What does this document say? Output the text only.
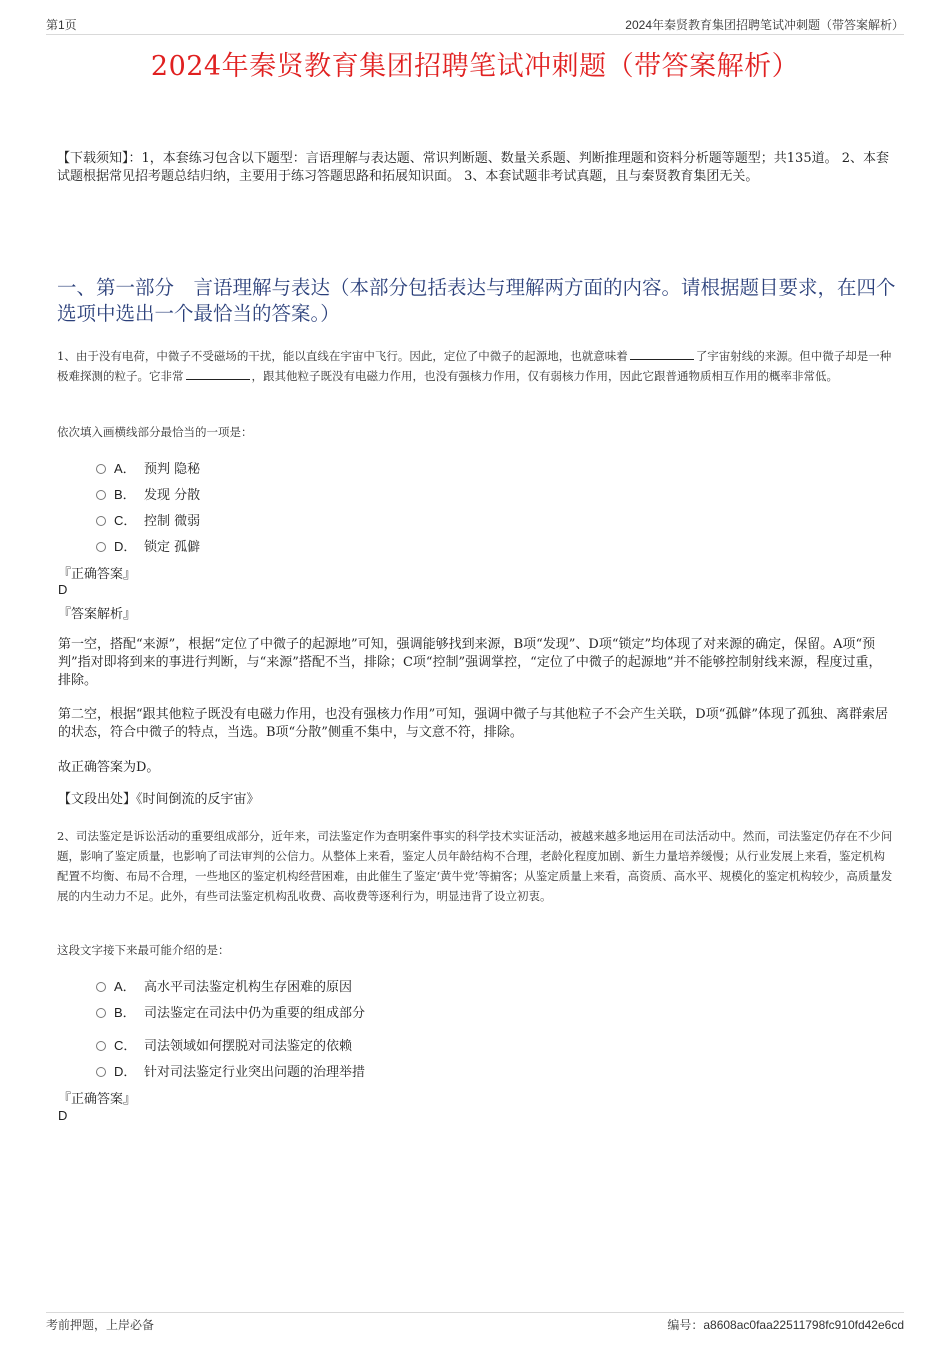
第1页	2024年秦贤教育集团招聘笔试冲刺题（带答案解析）
2024年秦贤教育集团招聘笔试冲刺题（带答案解析）
【下载须知】：1，本套练习包含以下题型：言语理解与表达题、常识判断题、数量关系题、判断推理题和资料分析题等题型；共135道。 2、本套试题根据常见招考题总结归纳，主要用于练习答题思路和拓展知识面。 3、本套试题非考试真题，且与秦贤教育集团无关。
一、第一部分　言语理解与表达（本部分包括表达与理解两方面的内容。请根据题目要求，在四个选项中选出一个最恰当的答案。）
1、由于没有电荷，中微子不受磁场的干扰，能以直线在宇宙中飞行。因此，定位了中微子的起源地，也就意味着	了宇宙射线的来源。但中微子却是一种极难探测的粒子。它非常	，跟其他粒子既没有电磁力作用，也没有强核力作用，仅有弱核力作用，因此它跟普通物质相互作用的概率非常低。
依次填入画横线部分最恰当的一项是：
A． 预判 隐秘
B． 发现 分散
C． 控制 微弱
D． 锁定 孤僻
『正确答案』
D
『答案解析』
第一空，搭配“来源”，根据“定位了中微子的起源地”可知，强调能够找到来源，B项“发现”、D项“锁定”均体现了对来源的确定，保留。A项“预判”指对即将到来的事进行判断，与“来源”搭配不当，排除；C项“控制”强调掌控，“定位了中微子的起源地”并不能够控制射线来源，程度过重，排除。
第二空，根据“跟其他粒子既没有电磁力作用，也没有强核力作用”可知，强调中微子与其他粒子不会产生关联，D项“孤僻”体现了孤独、离群索居的状态，符合中微子的特点，当选。B项“分散”侧重不集中，与文意不符，排除。
故正确答案为D。
【文段出处】《时间倒流的反宇宙》
2、司法鉴定是诉讼活动的重要组成部分，近年来，司法鉴定作为查明案件事实的科学技术实证活动，被越来越多地运用在司法活动中。然而，司法鉴定仍存在不少问题，影响了鉴定质量，也影响了司法审判的公信力。从整体上来看，鉴定人员年龄结构不合理，老龄化程度加剧、新生力量培养缓慢；从行业发展上来看，鉴定机构配置不均衡、布局不合理，一些地区的鉴定机构经营困难，由此催生了鉴定‘黄牛党’等掮客；从鉴定质量上来看，高资质、高水平、规模化的鉴定机构较少，高质量发展的内生动力不足。此外，有些司法鉴定机构乱收费、高收费等逐利行为，明显违背了设立初衷。
这段文字接下来最可能介绍的是：
A． 高水平司法鉴定机构生存困难的原因
B． 司法鉴定在司法中仍为重要的组成部分
C． 司法领域如何摆脱对司法鉴定的依赖
D． 针对司法鉴定行业突出问题的治理举措
『正确答案』
D
考前押题，上岸必备	编号：a8608ac0faa22511798fc910fd42e6cd
